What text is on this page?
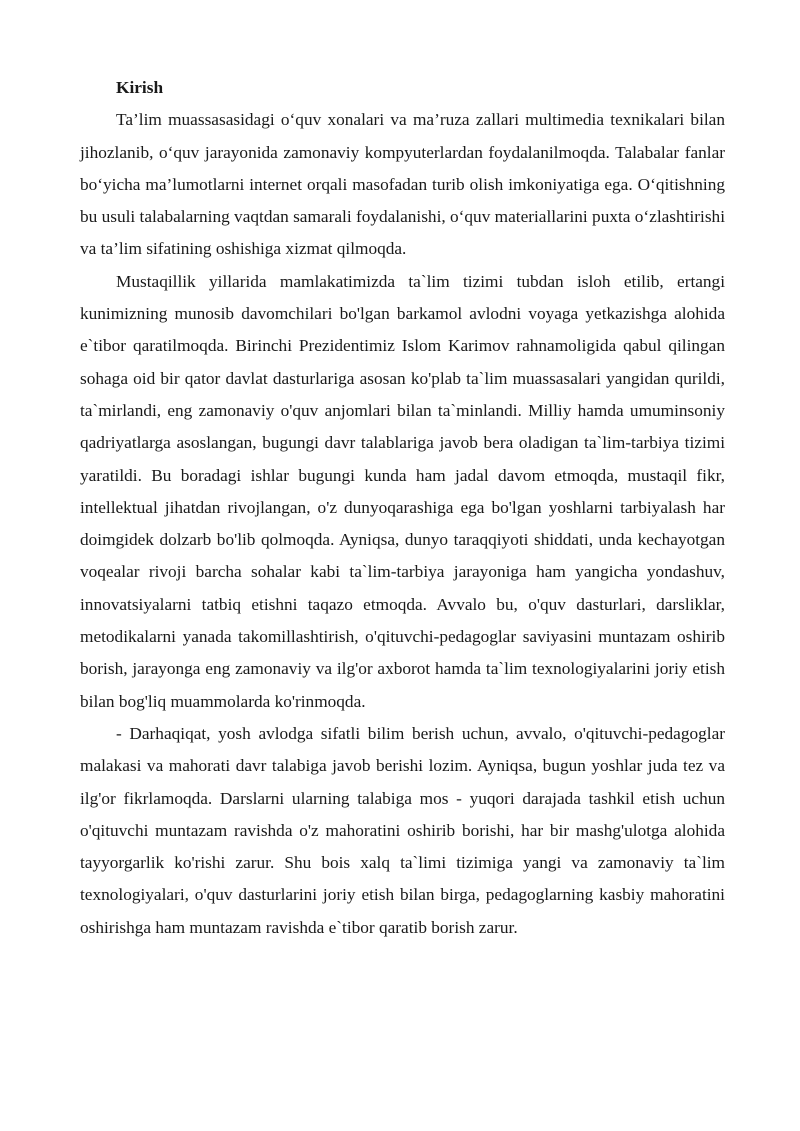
Kirish

Ta’lim muassasasidagi o‘quv xonalari va ma’ruza zallari multimedia texnikalari bilan jihozlanib, o‘quv jarayonida zamonaviy kompyuterlardan foydalanilmoqda. Talabalar fanlar bo‘yicha ma’lumotlarni internet orqali masofadan turib olish imkoniyatiga ega. O‘qitishning bu usuli talabalarning vaqtdan samarali foydalanishi, o‘quv materiallarini puxta o‘zlashtirishi va ta’lim sifatining oshishiga xizmat qilmoqda.

Mustaqillik yillarida mamlakatimizda ta`lim tizimi tubdan isloh etilib, ertangi kunimizning munosib davomchilari bo'lgan barkamol avlodni voyaga yetkazishga alohida e`tibor qaratilmoqda. Birinchi Prezidentimiz Islom Karimov rahnamoligida qabul qilingan sohaga oid bir qator davlat dasturlariga asosan ko'plab ta`lim muassasalari yangidan qurildi, ta`mirlandi, eng zamonaviy o'quv anjomlari bilan ta`minlandi. Milliy hamda umuminsoniy qadriyatlarga asoslangan, bugungi davr talablariga javob bera oladigan ta`lim-tarbiya tizimi yaratildi. Bu boradagi ishlar bugungi kunda ham jadal davom etmoqda, mustaqil fikr, intellektual jihatdan rivojlangan, o'z dunyoqarashiga ega bo'lgan yoshlarni tarbiyalash har doimgidek dolzarb bo'lib qolmoqda. Ayniqsa, dunyo taraqqiyoti shiddati, unda kechayotgan voqealar rivoji barcha sohalar kabi ta`lim-tarbiya jarayoniga ham yangicha yondashuv, innovatsiyalarni tatbiq etishni taqazo etmoqda. Avvalo bu, o'quv dasturlari, darsliklar, metodikalarni yanada takomillashtirish, o'qituvchi-pedagoglar saviyasini muntazam oshirib borish, jarayonga eng zamonaviy va ilg'or axborot hamda ta`lim texnologiyalarini joriy etish bilan bog'liq muammolarda ko'rinmoqda.

- Darhaqiqat, yosh avlodga sifatli bilim berish uchun, avvalo, o'qituvchi-pedagoglar malakasi va mahorati davr talabiga javob berishi lozim. Ayniqsa, bugun yoshlar juda tez va ilg'or fikrlamoqda. Darslarni ularning talabiga mos - yuqori darajada tashkil etish uchun o'qituvchi muntazam ravishda o'z mahoratini oshirib borishi, har bir mashg'ulotga alohida tayyorgarlik ko'rishi zarur. Shu bois xalq ta`limi tizimiga yangi va zamonaviy ta`lim texnologiyalari, o'quv dasturlarini joriy etish bilan birga, pedagoglarning kasbiy mahoratini oshirishga ham muntazam ravishda e`tibor qaratib borish zarur.
